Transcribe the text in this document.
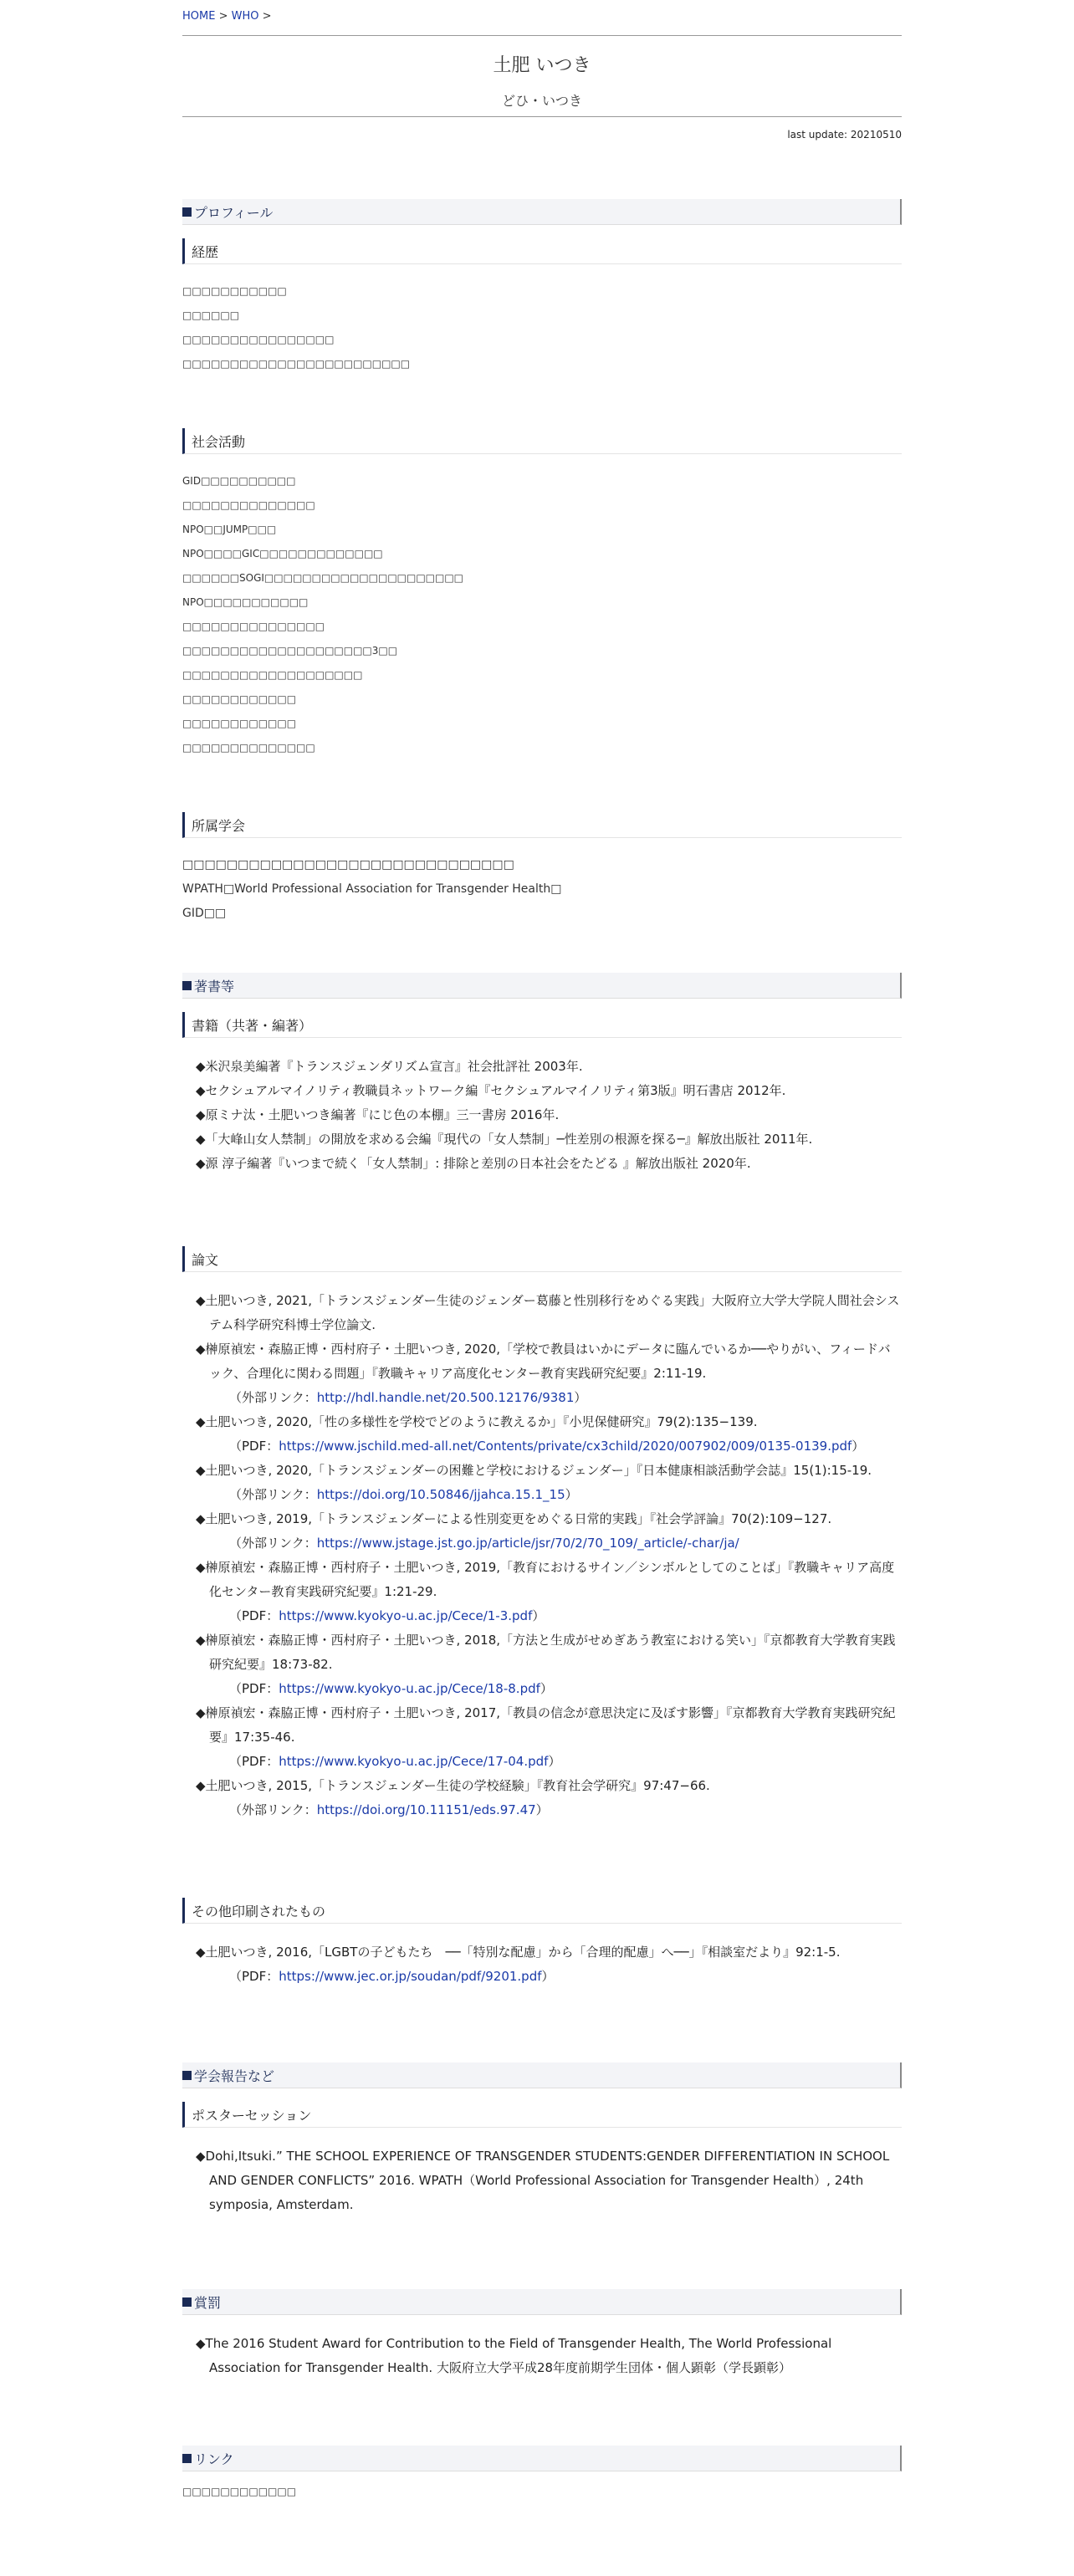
HOME > WHO >
土肥 いつき
どひ・いつき
last update: 20210510
プロフィール
経歴
□□□□□□□□□□□
□□□□□□
□□□□□□□□□□□□□□□□
□□□□□□□□□□□□□□□□□□□□□□□□
社会活動
GID□□□□□□□□□□
□□□□□□□□□□□□□□
NPO□□JUMP□□□
NPO□□□□GIC□□□□□□□□□□□□□
□□□□□□SOGI□□□□□□□□□□□□□□□□□□□□□
NPO□□□□□□□□□□□
□□□□□□□□□□□□□□□
□□□□□□□□□□□□□□□□□□□□3□□
□□□□□□□□□□□□□□□□□□□
□□□□□□□□□□□□
□□□□□□□□□□□□
□□□□□□□□□□□□□□
所属学会
□□□□□□□□□□□□□□□□□□□□□□□□□□□□□□
WPATH□World Professional Association for Transgender Health□
GID□□
著書等
書籍（共著・編著）
◆米沢泉美編著『トランスジェンダリズム宣言』社会批評社 2003年.
◆セクシュアルマイノリティ教職員ネットワーク編『セクシュアルマイノリティ第3版』明石書店 2012年.
◆原ミナ汰・土肥いつき編著『にじ色の本棚』三一書房 2016年.
◆「大峰山女人禁制」の開放を求める会編『現代の「女人禁制」─性差別の根源を探る─』解放出版社 2011年.
◆源 淳子編著『いつまで続く「女人禁制」: 排除と差別の日本社会をたどる 』解放出版社 2020年.
論文
◆土肥いつき, 2021,「トランスジェンダー生徒のジェンダー葛藤と性別移行をめぐる実践」大阪府立大学大学院人間社会システム科学研究科博士学位論文.
◆榊原禎宏・森脇正博・西村府子・土肥いつき, 2020,「学校で教員はいかにデータに臨んでいるか──やりがい、フィードバック、合理化に関わる問題」『教職キャリア高度化センター教育実践研究紀要』2:11-19.
（外部リンク：http://hdl.handle.net/20.500.12176/9381）
◆土肥いつき, 2020,「性の多様性を学校でどのように教えるか」『小児保健研究』79(2):135−139.
（PDF：https://www.jschild.med-all.net/Contents/private/cx3child/2020/007902/009/0135-0139.pdf）
◆土肥いつき, 2020,「トランスジェンダーの困難と学校におけるジェンダー」『日本健康相談活動学会誌』15(1):15-19.
（外部リンク：https://doi.org/10.50846/jjahca.15.1_15）
◆土肥いつき, 2019,「トランスジェンダーによる性別変更をめぐる日常的実践」『社会学評論』70(2):109−127.
（外部リンク：https://www.jstage.jst.go.jp/article/jsr/70/2/70_109/_article/-char/ja/
◆榊原禎宏・森脇正博・西村府子・土肥いつき, 2019,「教育におけるサイン／シンボルとしてのことば」『教職キャリア高度化センター教育実践研究紀要』1:21-29.
（PDF：https://www.kyokyo-u.ac.jp/Cece/1-3.pdf）
◆榊原禎宏・森脇正博・西村府子・土肥いつき, 2018,「方法と生成がせめぎあう教室における笑い」『京都教育大学教育実践研究紀要』18:73-82.
（PDF：https://www.kyokyo-u.ac.jp/Cece/18-8.pdf）
◆榊原禎宏・森脇正博・西村府子・土肥いつき, 2017,「教員の信念が意思決定に及ぼす影響」『京都教育大学教育実践研究紀要』17:35-46.
（PDF：https://www.kyokyo-u.ac.jp/Cece/17-04.pdf）
◆土肥いつき, 2015,「トランスジェンダー生徒の学校経験」『教育社会学研究』97:47−66.
（外部リンク：https://doi.org/10.11151/eds.97.47）
その他印刷されたもの
◆土肥いつき, 2016,「LGBTの子どもたち　──「特別な配慮」から「合理的配慮」へ──」『相談室だより』92:1-5.
（PDF：https://www.jec.or.jp/soudan/pdf/9201.pdf）
学会報告など
ポスターセッション
◆Dohi,Itsuki.” THE SCHOOL EXPERIENCE OF TRANSGENDER STUDENTS:GENDER DIFFERENTIATION IN SCHOOL AND GENDER CONFLICTS” 2016. WPATH（World Professional Association for Transgender Health）, 24th symposia, Amsterdam.
賞罰
◆The 2016 Student Award for Contribution to the Field of Transgender Health, The World Professional Association for Transgender Health. 大阪府立大学平成28年度前期学生団体・個人顕彰（学長顕彰）
リンク
□□□□□□□□□□□□
